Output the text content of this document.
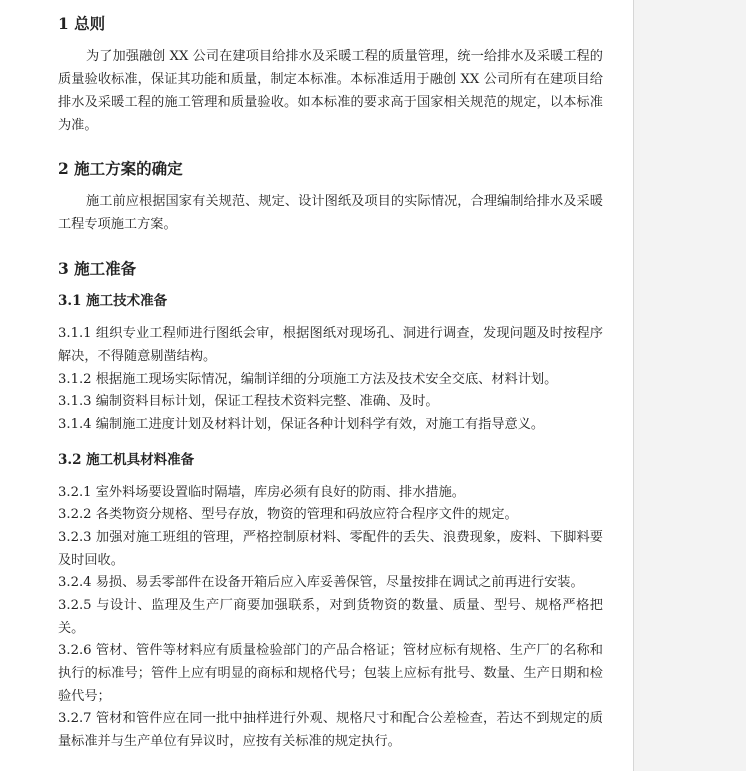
1 总则

为了加强融创 XX 公司在建项目给排水及采暖工程的质量管理，统一给排水及采暖工程的质量验收标准，保证其功能和质量，制定本标准。本标准适用于融创 XX 公司所有在建项目给排水及采暖工程的施工管理和质量验收。如本标准的要求高于国家相关规范的规定，以本标准为准。

2 施工方案的确定

施工前应根据国家有关规范、规定、设计图纸及项目的实际情况，合理编制给排水及采暖工程专项施工方案。

3 施工准备
3.1 施工技术准备

3.1.1 组织专业工程师进行图纸会审，根据图纸对现场孔、洞进行调查，发现问题及时按程序解决，不得随意剔凿结构。

3.1.2 根据施工现场实际情况，编制详细的分项施工方法及技术安全交底、材料计划。

3.1.3 编制资料目标计划，保证工程技术资料完整、准确、及时。

3.1.4 编制施工进度计划及材料计划，保证各种计划科学有效，对施工有指导意义。

3.2 施工机具材料准备

3.2.1 室外料场要设置临时隔墙，库房必须有良好的防雨、排水措施。

3.2.2 各类物资分规格、型号存放，物资的管理和码放应符合程序文件的规定。

3.2.3 加强对施工班组的管理，严格控制原材料、零配件的丢失、浪费现象，废料、下脚料要及时回收。

3.2.4 易损、易丢零部件在设备开箱后应入库妥善保管，尽量按排在调试之前再进行安装。

3.2.5 与设计、监理及生产厂商要加强联系，对到货物资的数量、质量、型号、规格严格把关。

3.2.6 管材、管件等材料应有质量检验部门的产品合格证；管材应标有规格、生产厂的名称和执行的标准号；管件上应有明显的商标和规格代号；包装上应标有批号、数量、生产日期和检验代号；

3.2.7 管材和管件应在同一批中抽样进行外观、规格尺寸和配合公差检查，若达不到规定的质量标准并与生产单位有异议时，应按有关标准的规定执行。
